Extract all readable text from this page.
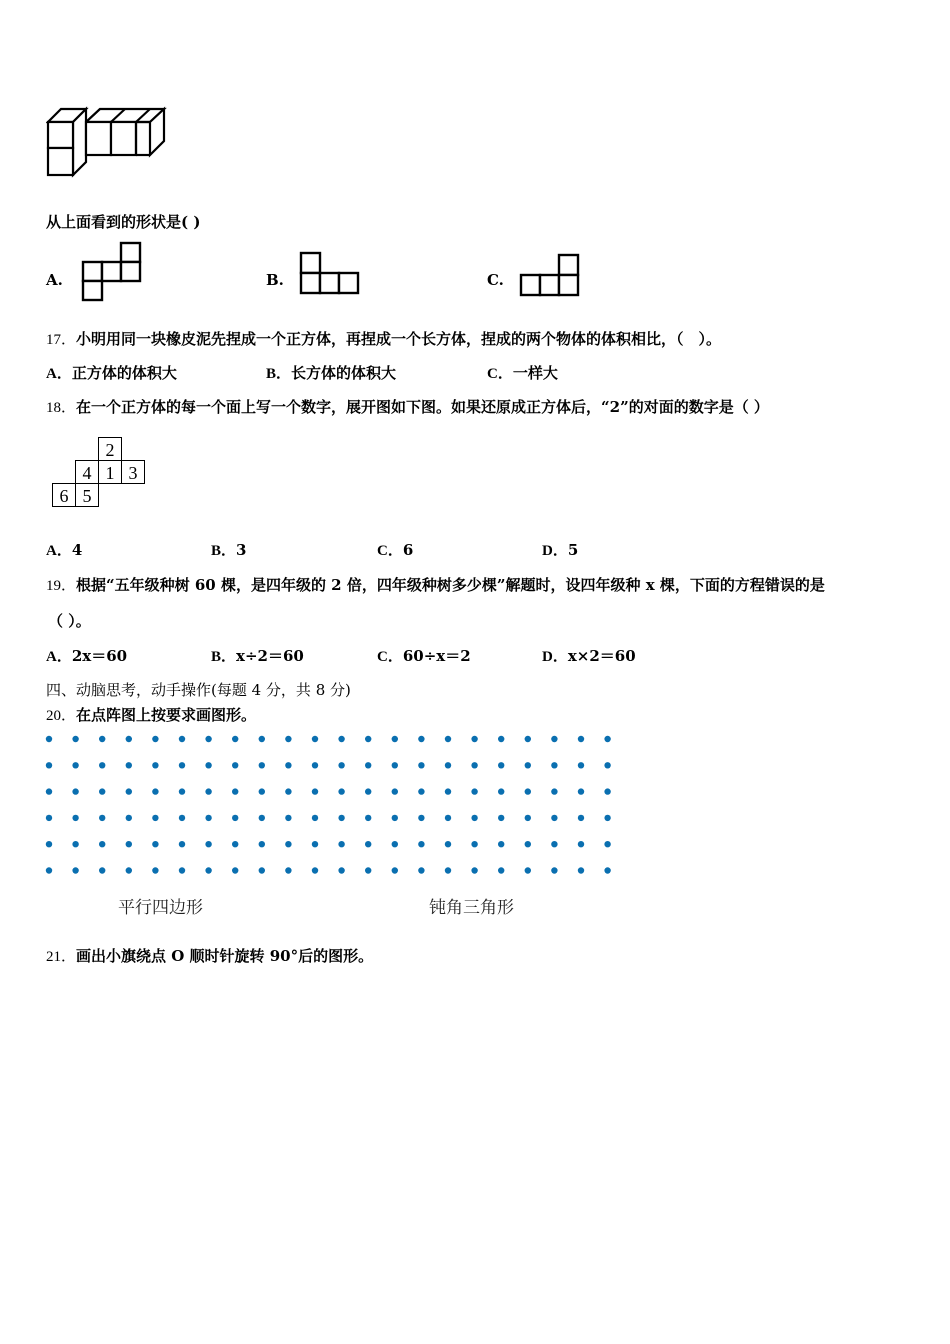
从上面看到的形状是( )
A.	B.	C.
17．小明用同一块橡皮泥先捏成一个正方体，再捏成一个长方体，捏成的两个物体的体积相比，（　）。
A．正方体的体积大	B．长方体的体积大	C．一样大
18．在一个正方体的每一个面上写一个数字，展开图如下图。如果还原成正方体后，“2”的对面的数字是（ ）
2
4 1 3
6 5
A．4	B．3	C．6	D．5
19．根据“五年级种树 60 棵，是四年级的 2 倍，四年级种树多少棵”解题时，设四年级种 x 棵，下面的方程错误的是
（ ）。
A．2x＝60	B．x÷2＝60	C．60÷x＝2	D．x×2＝60
四、动脑思考，动手操作(每题 4 分，共 8 分)
20．在点阵图上按要求画图形。
平行四边形	钝角三角形
21．画出小旗绕点 O 顺时针旋转 90°后的图形。
